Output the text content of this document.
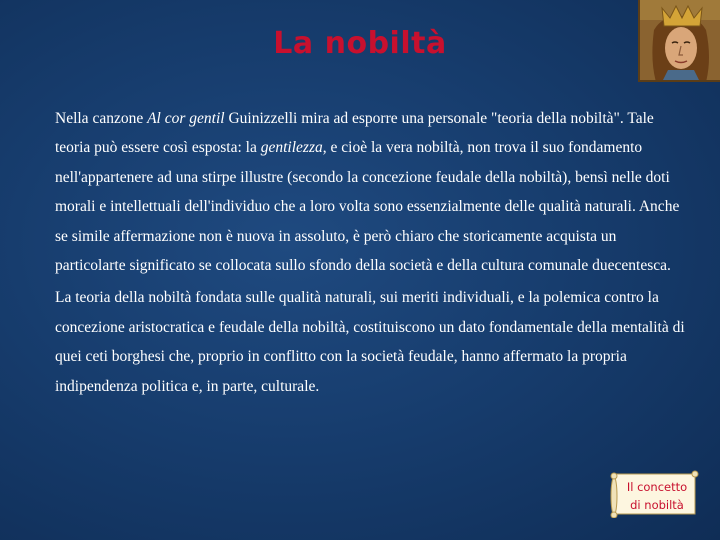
La nobiltà

Nella canzone Al cor gentil Guinizzelli mira ad esporre una personale "teoria della nobiltà". Tale teoria può essere così esposta: la gentilezza, e cioè la vera nobiltà, non trova il suo fondamento nell'appartenere ad una stirpe illustre (secondo la concezione feudale della nobiltà), bensì nelle doti morali e intellettuali dell'individuo che a loro volta sono essenzialmente delle qualità naturali. Anche se simile affermazione non è nuova in assoluto, è però chiaro che storicamente acquista un particolarte significato se collocata sullo sfondo della società e della cultura comunale duecentesca.

La teoria della nobiltà fondata sulle qualità naturali, sui meriti individuali, e la polemica contro la concezione aristocratica e feudale della nobiltà, costituiscono un dato fondamentale della mentalità di quei ceti borghesi che, proprio in conflitto con la società feudale, hanno affermato la propria indipendenza politica e, in parte, culturale.

Il concetto
di nobiltà
